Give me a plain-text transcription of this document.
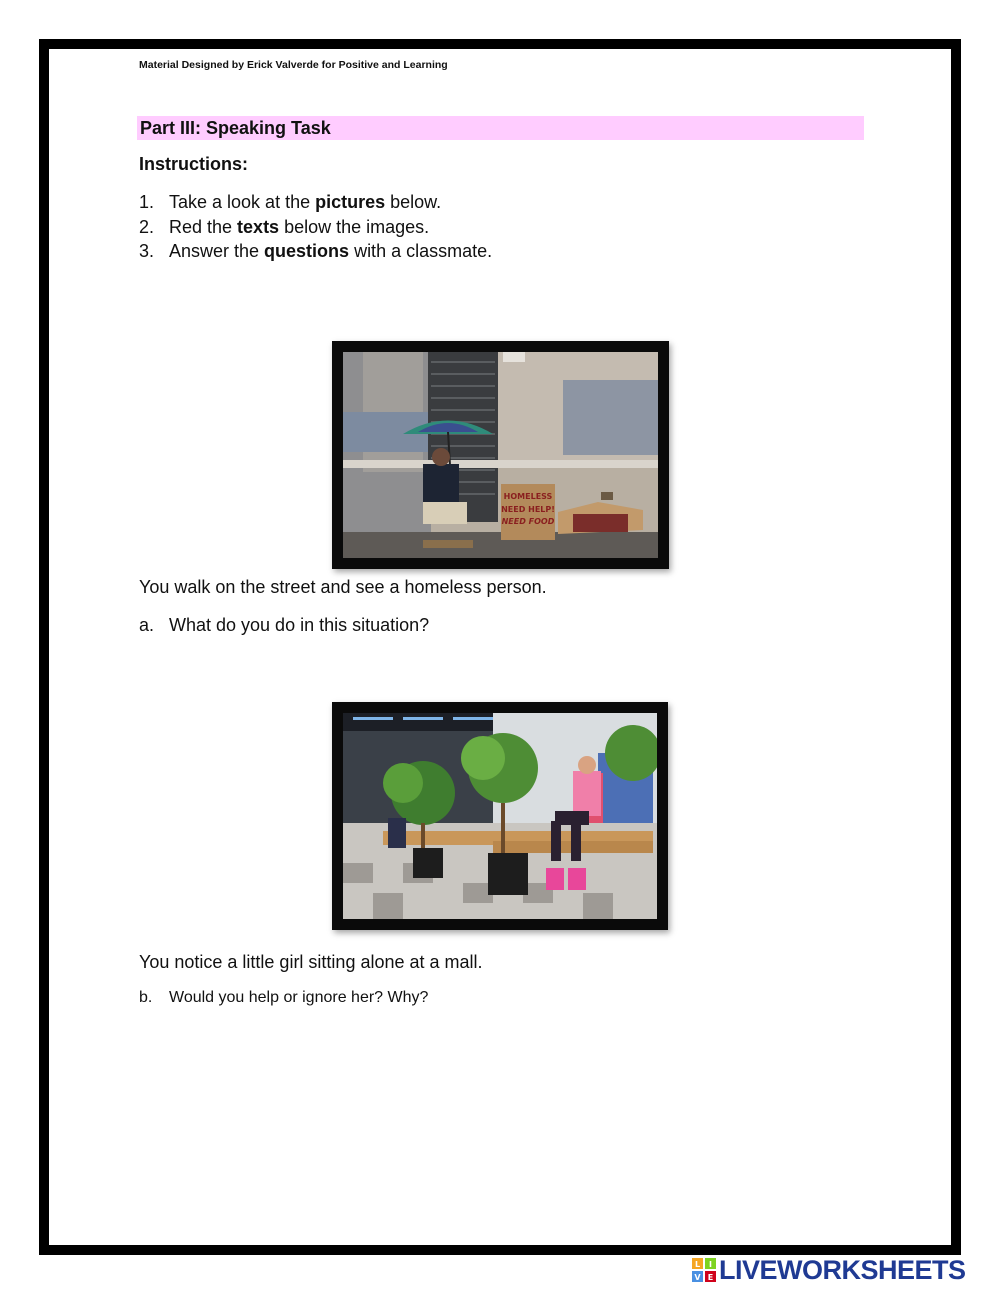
Material Designed by Erick Valverde for Positive and Learning
Part III: Speaking Task
Instructions:
1. Take a look at the pictures below.
2. Red the texts below the images.
3. Answer the questions with a classmate.
HOMELESS
NEED HELP!
NEED FOOD
You walk on the street and see a homeless person.
a. What do you do in this situation?
You notice a little girl sitting alone at a mall.
b.	Would you help or ignore her? Why?
L I
V E LIVEWORKSHEETS
